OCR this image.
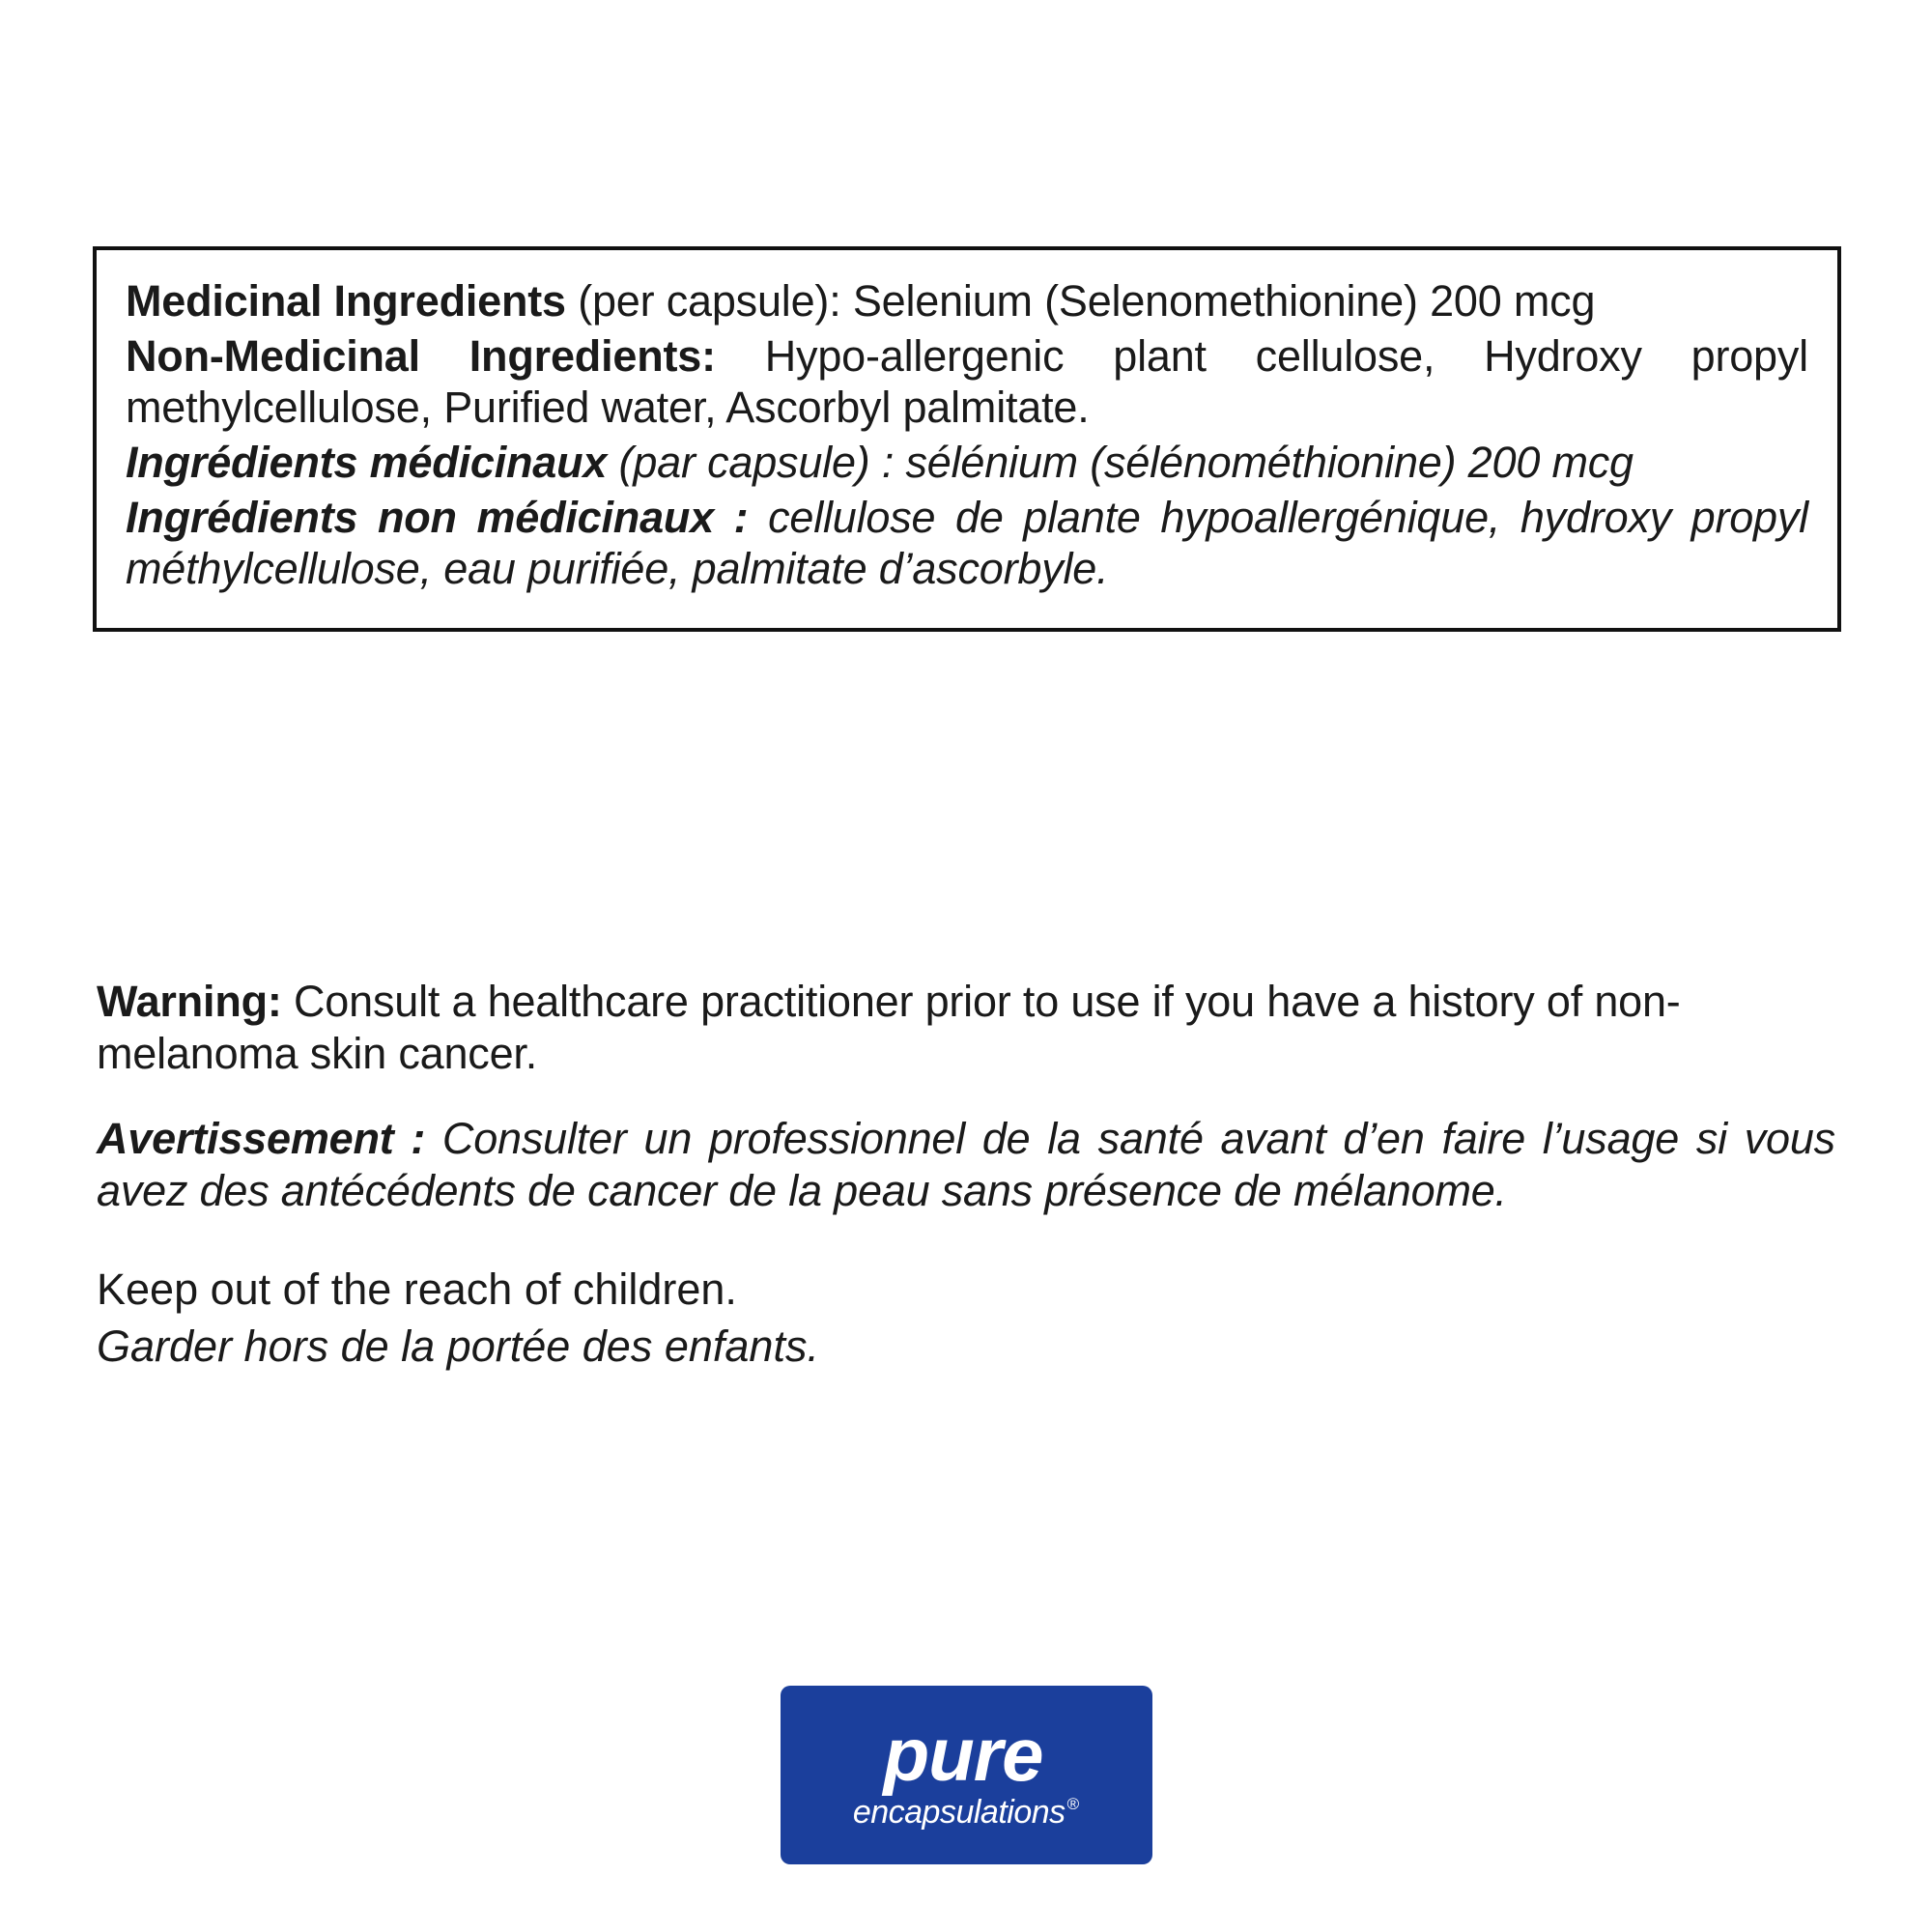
Medicinal Ingredients (per capsule): Selenium (Selenomethionine) 200 mcg

Non-Medicinal Ingredients: Hypo-allergenic plant cellulose, Hydroxy propyl methylcellulose, Purified water, Ascorbyl palmitate.

Ingrédients médicinaux (par capsule) : sélénium (sélénométhionine) 200 mcg

Ingrédients non médicinaux : cellulose de plante hypoallergénique, hydroxy propyl méthylcellulose, eau purifiée, palmitate d’ascorbyle.

Warning: Consult a healthcare practitioner prior to use if you have a history of non-melanoma skin cancer.

Avertissement : Consulter un professionnel de la santé avant d’en faire l’usage si vous avez des antécédents de cancer de la peau sans présence de mélanome.

Keep out of the reach of children.
Garder hors de la portée des enfants.
pure
encapsulations ®
